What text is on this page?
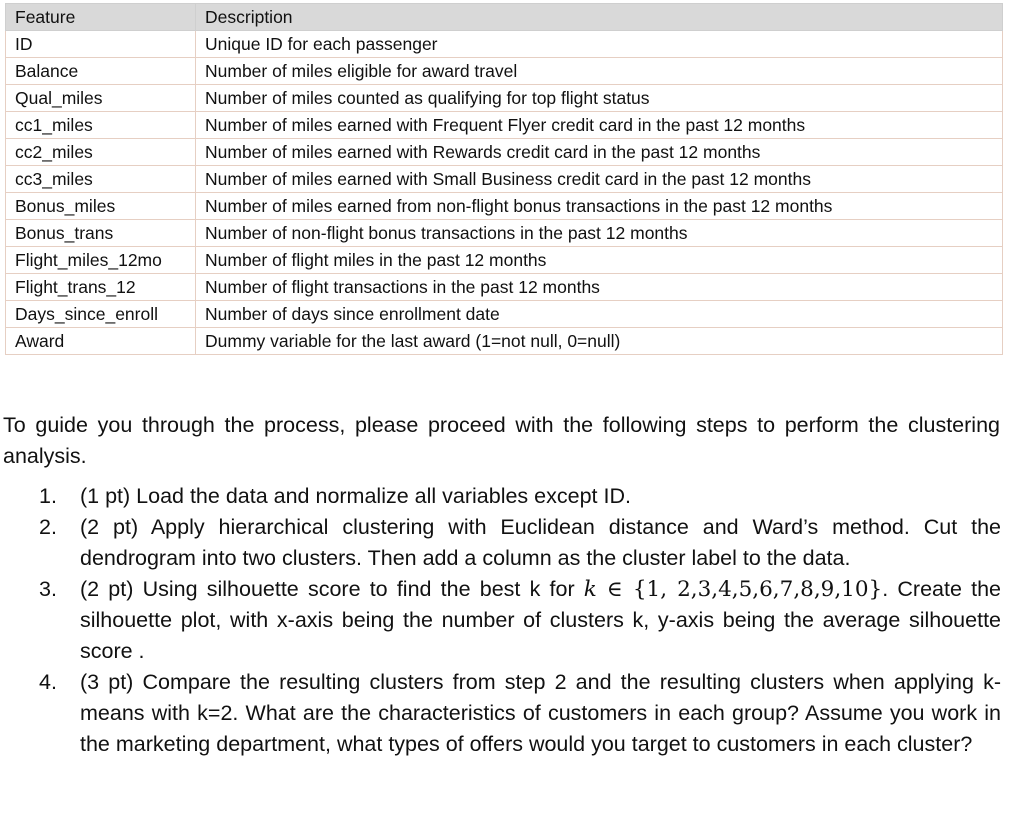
Feature	Description
ID	Unique ID for each passenger
Balance	Number of miles eligible for award travel
Qual_miles	Number of miles counted as qualifying for top flight status
cc1_miles	Number of miles earned with Frequent Flyer credit card in the past 12 months
cc2_miles	Number of miles earned with Rewards credit card in the past 12 months
cc3_miles	Number of miles earned with Small Business credit card in the past 12 months
Bonus_miles	Number of miles earned from non-flight bonus transactions in the past 12 months
Bonus_trans	Number of non-flight bonus transactions in the past 12 months
Flight_miles_12mo	Number of flight miles in the past 12 months
Flight_trans_12	Number of flight transactions in the past 12 months
Days_since_enroll	Number of days since enrollment date
Award	Dummy variable for the last award (1=not null, 0=null)

To guide you through the process, please proceed with the following steps to perform the clustering analysis.

1. (1 pt) Load the data and normalize all variables except ID.
2. (2 pt) Apply hierarchical clustering with Euclidean distance and Ward’s method. Cut the dendrogram into two clusters. Then add a column as the cluster label to the data.
3. (2 pt) Using silhouette score to find the best k for k ∈ {1, 2,3,4,5,6,7,8,9,10}. Create the silhouette plot, with x-axis being the number of clusters k, y-axis being the average silhouette score .
4. (3 pt) Compare the resulting clusters from step 2 and the resulting clusters when applying k-means with k=2. What are the characteristics of customers in each group? Assume you work in the marketing department, what types of offers would you target to customers in each cluster?
